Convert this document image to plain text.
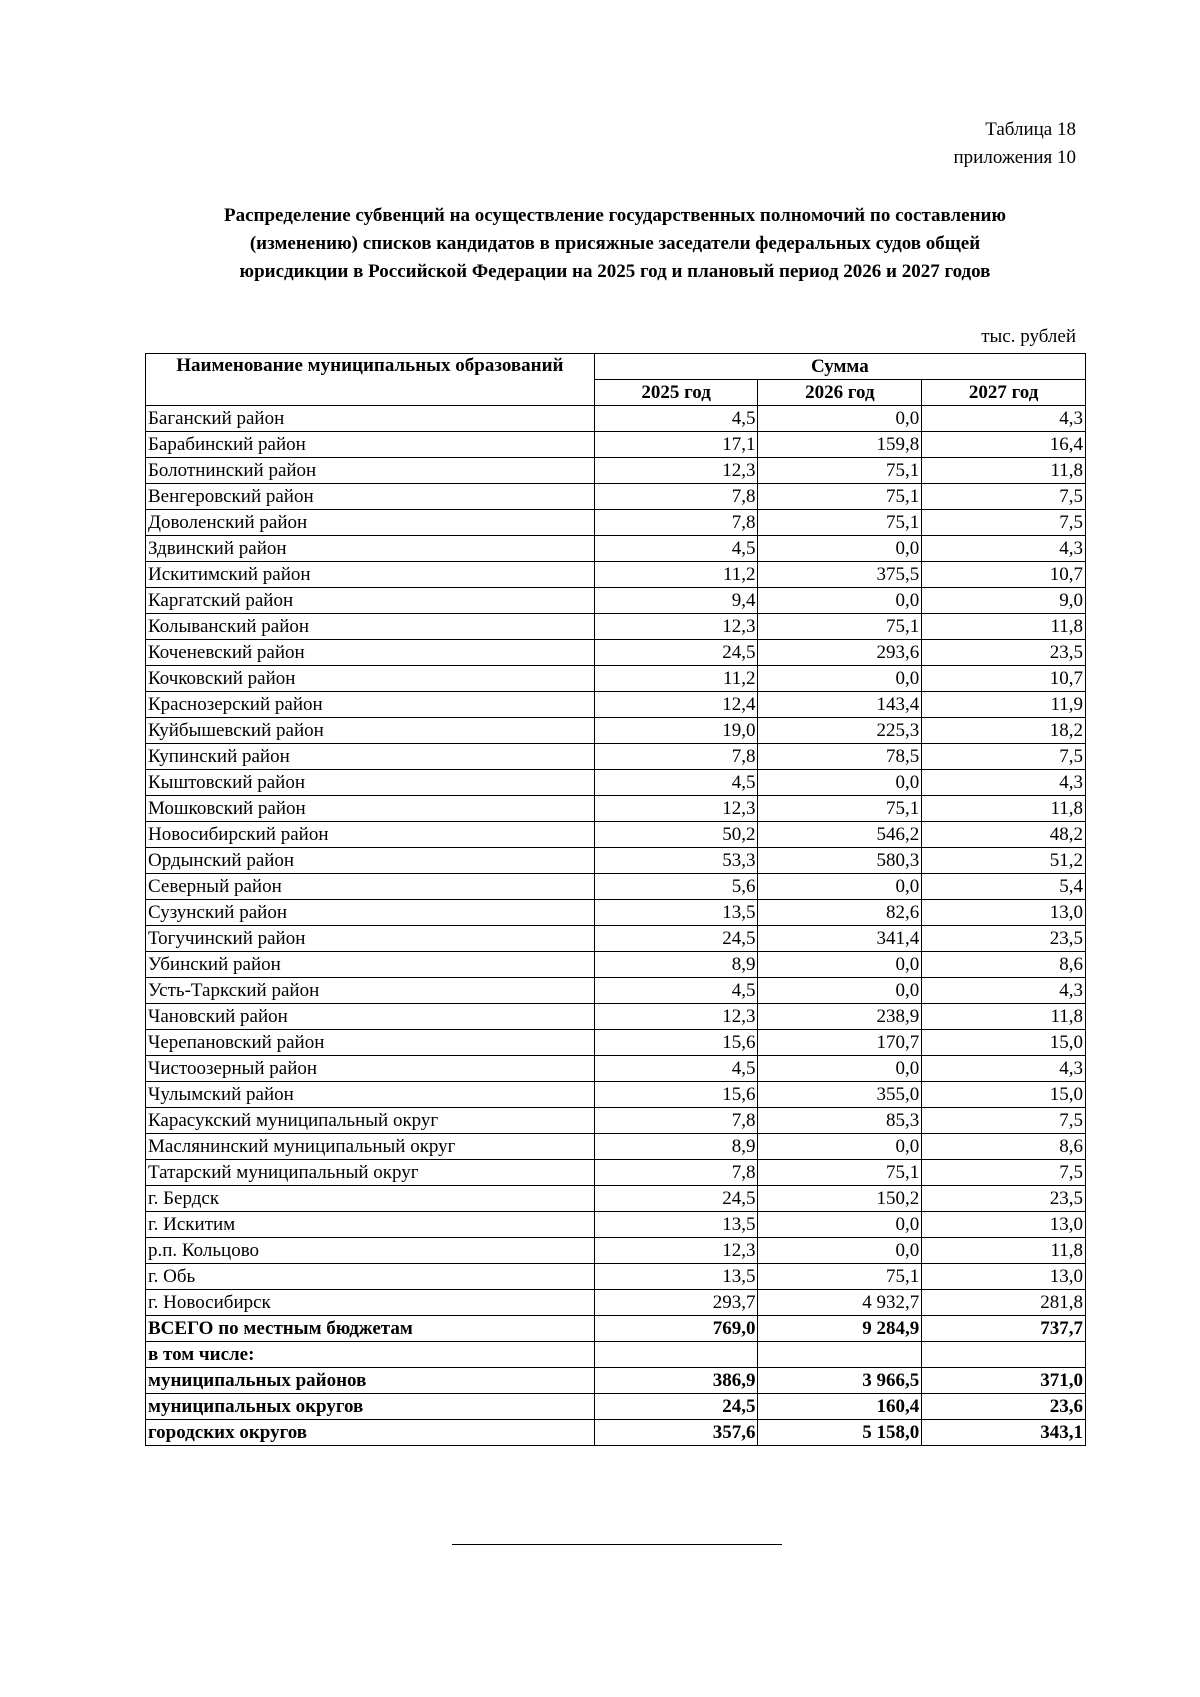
Таблица 18
приложения 10
Распределение субвенций на осуществление государственных полномочий по составлению
(изменению) списков кандидатов в присяжные заседатели федеральных судов общей
юрисдикции в Российской Федерации на 2025 год и плановый период 2026 и 2027 годов
тыс. рублей
Наименование муниципальных образований	Сумма		
	2025 год	2026 год	2027 год
Баганский район	4,5	0,0	4,3
Барабинский район	17,1	159,8	16,4
Болотнинский район	12,3	75,1	11,8
Венгеровский район	7,8	75,1	7,5
Доволенский район	7,8	75,1	7,5
Здвинский район	4,5	0,0	4,3
Искитимский район	11,2	375,5	10,7
Каргатский район	9,4	0,0	9,0
Колыванский район	12,3	75,1	11,8
Коченевский район	24,5	293,6	23,5
Кочковский район	11,2	0,0	10,7
Краснозерский район	12,4	143,4	11,9
Куйбышевский район	19,0	225,3	18,2
Купинский район	7,8	78,5	7,5
Кыштовский район	4,5	0,0	4,3
Мошковский район	12,3	75,1	11,8
Новосибирский район	50,2	546,2	48,2
Ордынский район	53,3	580,3	51,2
Северный район	5,6	0,0	5,4
Сузунский район	13,5	82,6	13,0
Тогучинский район	24,5	341,4	23,5
Убинский район	8,9	0,0	8,6
Усть-Таркский район	4,5	0,0	4,3
Чановский район	12,3	238,9	11,8
Черепановский район	15,6	170,7	15,0
Чистоозерный район	4,5	0,0	4,3
Чулымский район	15,6	355,0	15,0
Карасукский муниципальный округ	7,8	85,3	7,5
Маслянинский муниципальный округ	8,9	0,0	8,6
Татарский муниципальный округ	7,8	75,1	7,5
г. Бердск	24,5	150,2	23,5
г. Искитим	13,5	0,0	13,0
р.п. Кольцово	12,3	0,0	11,8
г. Обь	13,5	75,1	13,0
г. Новосибирск	293,7	4 932,7	281,8
ВСЕГО по местным бюджетам	769,0	9 284,9	737,7
в том числе:			
муниципальных районов	386,9	3 966,5	371,0
муниципальных округов	24,5	160,4	23,6
городских округов	357,6	5 158,0	343,1
